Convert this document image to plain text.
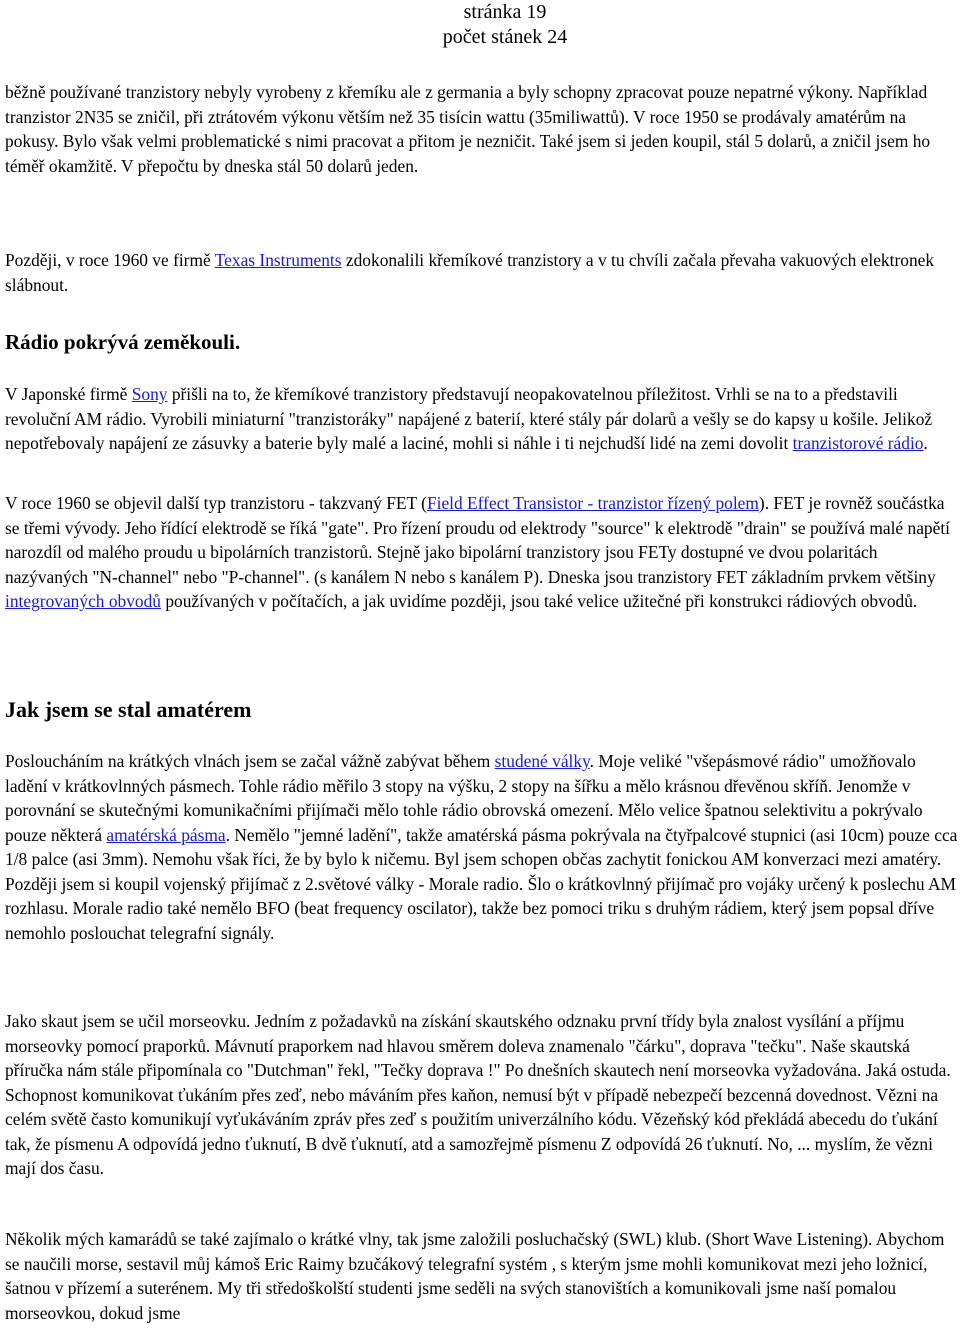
stránka 19
počet stánek 24

běžně používané tranzistory nebyly vyrobeny z křemíku ale z germania a byly schopny zpracovat pouze nepatrné výkony. Například tranzistor 2N35 se zničil, při ztrátovém výkonu větším než 35 tisícin wattu (35miliwattů). V roce 1950 se prodávaly amatérům na pokusy. Bylo však velmi problematické s nimi pracovat a přitom je nezničit. Také jsem si jeden koupil, stál 5 dolarů, a zničil jsem ho téměř okamžitě. V přepočtu by dneska stál 50 dolarů jeden.

Později, v roce 1960 ve firmě Texas Instruments zdokonalili křemíkové tranzistory a v tu chvíli začala převaha vakuových elektronek slábnout.

Rádio pokrývá zeměkouli.

V Japonské firmě Sony přišli na to, že křemíkové tranzistory představují neopakovatelnou příležitost. Vrhli se na to a představili revoluční AM rádio. Vyrobili miniaturní "tranzistoráky" napájené z baterií, které stály pár dolarů a vešly se do kapsy u košile. Jelikož nepotřebovaly napájení ze zásuvky a baterie byly malé a laciné, mohli si náhle i ti nejchudší lidé na zemi dovolit tranzistorové rádio.

V roce 1960 se objevil další typ tranzistoru - takzvaný FET (Field Effect Transistor - tranzistor řízený polem). FET je rovněž součástka se třemi vývody. Jeho řídící elektrodě se říká "gate". Pro řízení proudu od elektrody "source" k elektrodě "drain" se používá malé napětí narozdíl od malého proudu u bipolárních tranzistorů. Stejně jako bipolární tranzistory jsou FETy dostupné ve dvou polaritách nazývaných "N-channel" nebo "P-channel". (s kanálem N nebo s kanálem P). Dneska jsou tranzistory FET základním prvkem většiny integrovaných obvodů používaných v počítačích, a jak uvidíme později, jsou také velice užitečné při konstrukci rádiových obvodů.

Jak jsem se stal amatérem

Posloucháním na krátkých vlnách jsem se začal vážně zabývat během studené války. Moje veliké "všepásmové rádio" umožňovalo ladění v krátkovlnných pásmech. Tohle rádio měřilo 3 stopy na výšku, 2 stopy na šířku a mělo krásnou dřevěnou skříň. Jenomže v porovnání se skutečnými komunikačními přijímači mělo tohle rádio obrovská omezení. Mělo velice špatnou selektivitu a pokrývalo pouze některá amatérská pásma. Nemělo "jemné ladění", takže amatérská pásma pokrývala na čtyřpalcové stupnici (asi 10cm) pouze cca 1/8 palce (asi 3mm). Nemohu však říci, že by bylo k ničemu. Byl jsem schopen občas zachytit fonickou AM konverzaci mezi amatéry. Později jsem si koupil vojenský přijímač z 2.světové války - Morale radio. Šlo o krátkovlnný přijímač pro vojáky určený k poslechu AM rozhlasu. Morale radio také nemělo BFO (beat frequency oscilator), takže bez pomoci triku s druhým rádiem, který jsem popsal dříve nemohlo poslouchat telegrafní signály.

Jako skaut jsem se učil morseovku. Jedním z požadavků na získání skautského odznaku první třídy byla znalost vysílání a příjmu morseovky pomocí praporků. Mávnutí praporkem nad hlavou směrem doleva znamenalo "čárku", doprava "tečku". Naše skautská příručka nám stále připomínala co "Dutchman" řekl, "Tečky doprava !" Po dnešních skautech není morseovka vyžadována. Jaká ostuda. Schopnost komunikovat ťukáním přes zeď, nebo máváním přes kaňon, nemusí být v případě nebezpečí bezcenná dovednost. Vězni na celém světě často komunikují vyťukáváním zpráv přes zeď s použitím univerzálního kódu. Vězeňský kód překládá abecedu do ťukání tak, že písmenu A odpovídá jedno ťuknutí, B dvě ťuknutí, atd a samozřejmě písmenu Z odpovídá 26 ťuknutí. No, ... myslím, že vězni mají dos času.

Několik mých kamarádů se také zajímalo o krátké vlny, tak jsme založili posluchačský (SWL) klub. (Short Wave Listening). Abychom se naučili morse, sestavil můj kámoš Eric Raimy bzučákový telegrafní systém , s kterým jsme mohli komunikovat mezi jeho ložnicí, šatnou v přízemí a suterénem. My tři středoškolští studenti jsme seděli na svých stanovištích a komunikovali jsme naší pomalou morseovkou, dokud jsme
